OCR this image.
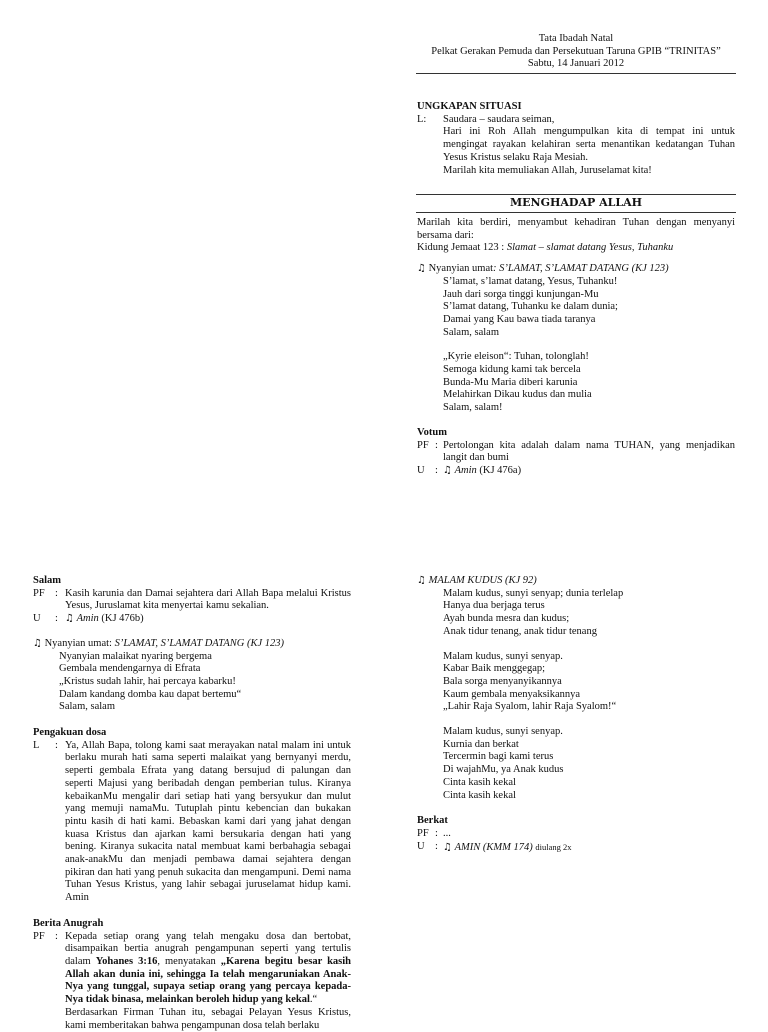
Tata Ibadah Natal
Pelkat Gerakan Pemuda dan Persekutuan Taruna GPIB “TRINITAS”
Sabtu, 14 Januari 2012
UNGKAPAN SITUASI
L:	Saudara – saudara seiman,
Hari ini Roh Allah mengumpulkan kita di tempat ini untuk mengingat rayakan kelahiran serta menantikan kedatangan Tuhan Yesus Kristus selaku Raja Mesiah.
Marilah kita memuliakan Allah, Juruselamat kita!
MENGHADAP ALLAH
Marilah kita berdiri, menyambut kehadiran Tuhan dengan menyanyi bersama dari:
Kidung Jemaat 123 : Slamat – slamat datang Yesus, Tuhanku
♫ Nyanyian umat: S’LAMAT, S’LAMAT DATANG (KJ 123)
S’lamat, s’lamat datang, Yesus, Tuhanku!
Jauh dari sorga tinggi kunjungan-Mu
S’lamat datang, Tuhanku ke dalam dunia;
Damai yang Kau bawa tiada taranya
Salam, salam
„Kyrie eleison“: Tuhan, tolonglah!
Semoga kidung kami tak bercela
Bunda-Mu Maria diberi karunia
Melahirkan Dikau kudus dan mulia
Salam, salam!
Votum
PF : Pertolongan kita adalah dalam nama TUHAN, yang menjadikan langit dan bumi
U : ♫ Amin (KJ 476a)
Salam
PF : Kasih karunia dan Damai sejahtera dari Allah Bapa melalui Kristus Yesus, Juruslamat kita menyertai kamu sekalian.
U	: ♫ Amin (KJ 476b)
♫ Nyanyian umat: S’LAMAT, S’LAMAT DATANG (KJ 123)
Nyanyian malaikat nyaring bergema
Gembala mendengarnya di Efrata
„Kristus sudah lahir, hai percaya kabarku!
Dalam kandang domba kau dapat bertemu“
Salam, salam
Pengakuan dosa
L	: Ya, Allah Bapa, tolong kami saat merayakan natal malam ini untuk berlaku murah hati sama seperti malaikat yang bernyanyi merdu, seperti gembala Efrata yang datang bersujud di palungan dan seperti Majusi yang beribadah dengan pemberian tulus. Kiranya kebaikanMu mengalir dari setiap hati yang bersyukur dan mulut yang memuji namaMu. Tutuplah pintu kebencian dan bukakan pintu kasih di hati kami. Bebaskan kami dari yang jahat dengan kuasa Kristus dan ajarkan kami bersukaria dengan hati yang bening. Kiranya sukacita natal membuat kami berbahagia sebagai anak-anakMu dan menjadi pembawa damai sejahtera dengan pikiran dan hati yang penuh sukacita dan mengampuni. Demi nama Tuhan Yesus Kristus, yang lahir sebagai juruselamat hidup kami. Amin
Berita Anugrah
PF : Kepada setiap orang yang telah mengaku dosa dan bertobat, disampaikan bertia anugrah pengampunan seperti yang tertulis dalam Yohanes 3:16, menyatakan „Karena begitu besar kasih Allah akan dunia ini, sehingga Ia telah mengaruniakan Anak-Nya yang tunggal, supaya setiap orang yang percaya kepada-Nya tidak binasa, melainkan beroleh hidup yang kekal.“
Berdasarkan Firman Tuhan itu, sebagai Pelayan Yesus Kristus, kami memberitakan bahwa pengampunan dosa telah berlaku
♫ MALAM KUDUS (KJ 92)
Malam kudus, sunyi senyap; dunia terlelap
Hanya dua berjaga terus
Ayah bunda mesra dan kudus;
Anak tidur tenang, anak tidur tenang
Malam kudus, sunyi senyap.
Kabar Baik menggegap;
Bala sorga menyanyikannya
Kaum gembala menyaksikannya
„Lahir Raja Syalom, lahir Raja Syalom!“
Malam kudus, sunyi senyap.
Kurnia dan berkat
Tercermin bagi kami terus
Di wajahMu, ya Anak kudus
Cinta kasih kekal
Cinta kasih kekal
Berkat
PF : ...
U : ♫ AMIN (KMM 174) diulang 2x
